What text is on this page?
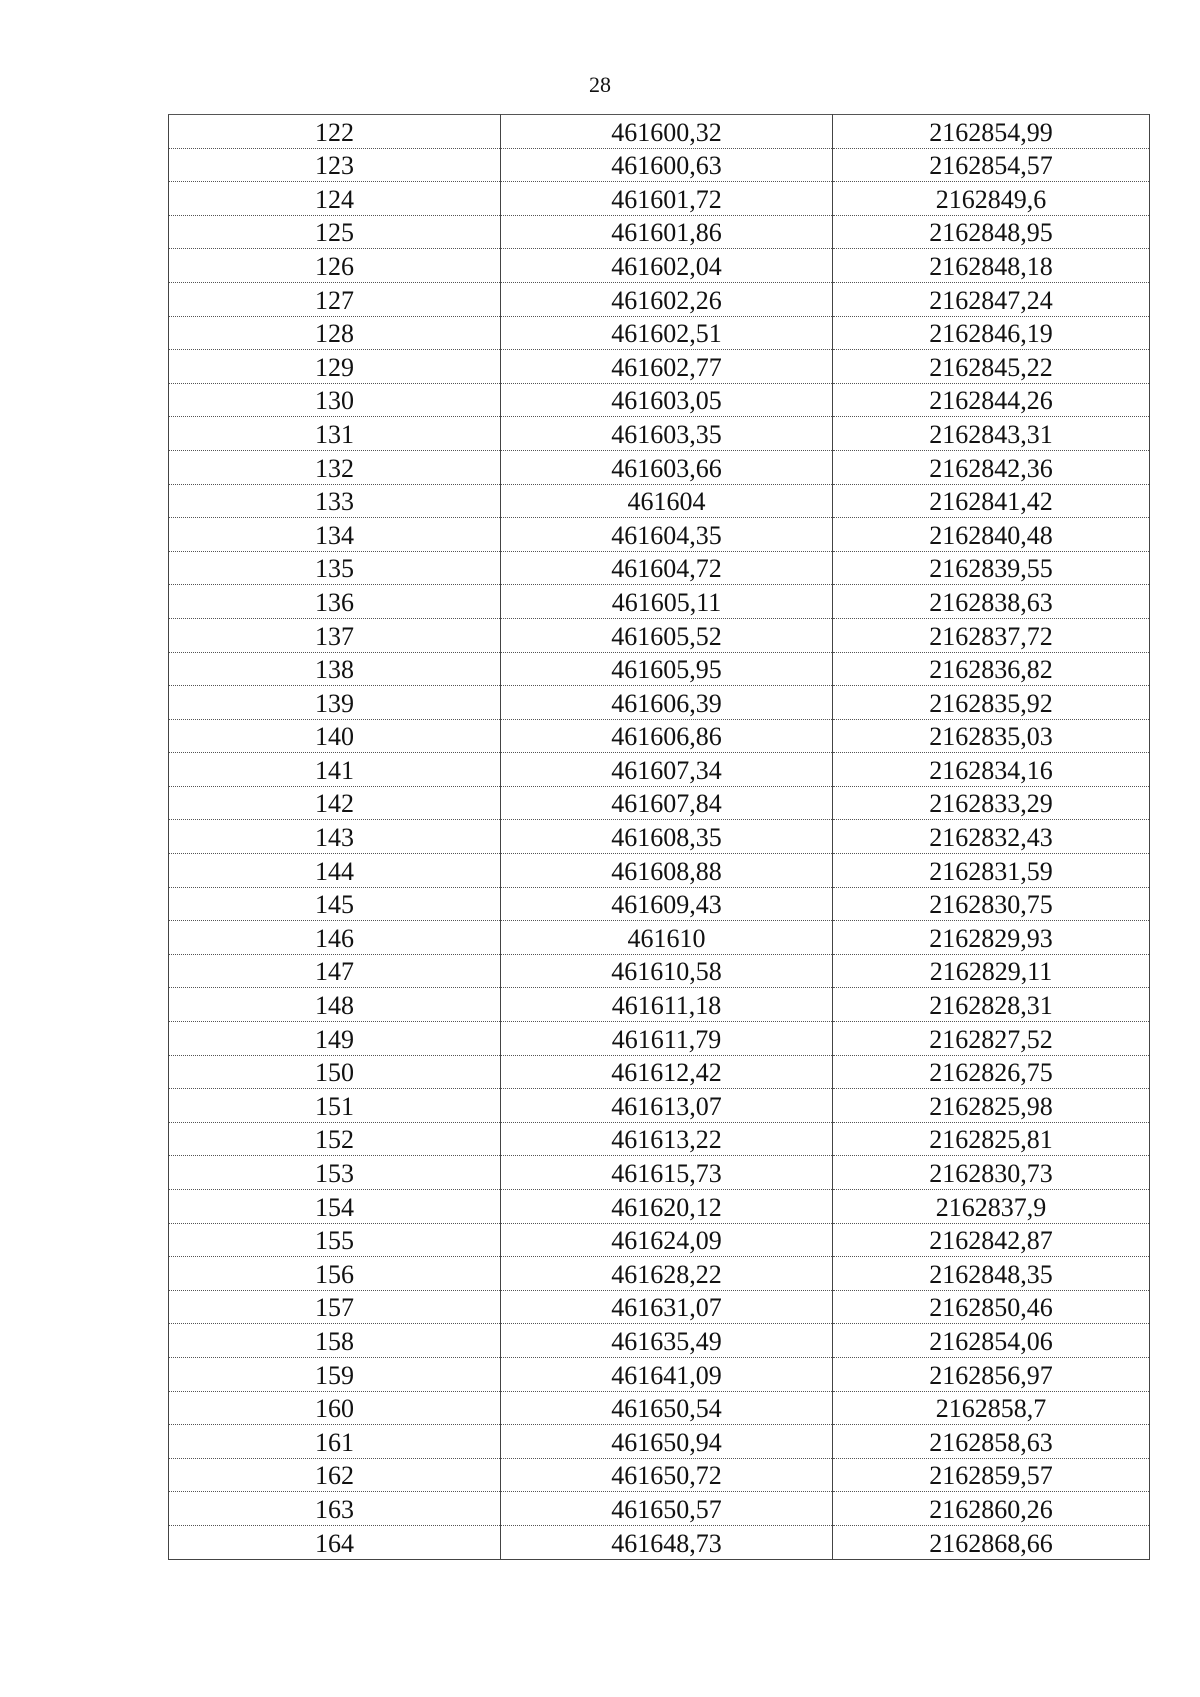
28
122	461600,32	2162854,99
123	461600,63	2162854,57
124	461601,72	2162849,6
125	461601,86	2162848,95
126	461602,04	2162848,18
127	461602,26	2162847,24
128	461602,51	2162846,19
129	461602,77	2162845,22
130	461603,05	2162844,26
131	461603,35	2162843,31
132	461603,66	2162842,36
133	461604	2162841,42
134	461604,35	2162840,48
135	461604,72	2162839,55
136	461605,11	2162838,63
137	461605,52	2162837,72
138	461605,95	2162836,82
139	461606,39	2162835,92
140	461606,86	2162835,03
141	461607,34	2162834,16
142	461607,84	2162833,29
143	461608,35	2162832,43
144	461608,88	2162831,59
145	461609,43	2162830,75
146	461610	2162829,93
147	461610,58	2162829,11
148	461611,18	2162828,31
149	461611,79	2162827,52
150	461612,42	2162826,75
151	461613,07	2162825,98
152	461613,22	2162825,81
153	461615,73	2162830,73
154	461620,12	2162837,9
155	461624,09	2162842,87
156	461628,22	2162848,35
157	461631,07	2162850,46
158	461635,49	2162854,06
159	461641,09	2162856,97
160	461650,54	2162858,7
161	461650,94	2162858,63
162	461650,72	2162859,57
163	461650,57	2162860,26
164	461648,73	2162868,66
